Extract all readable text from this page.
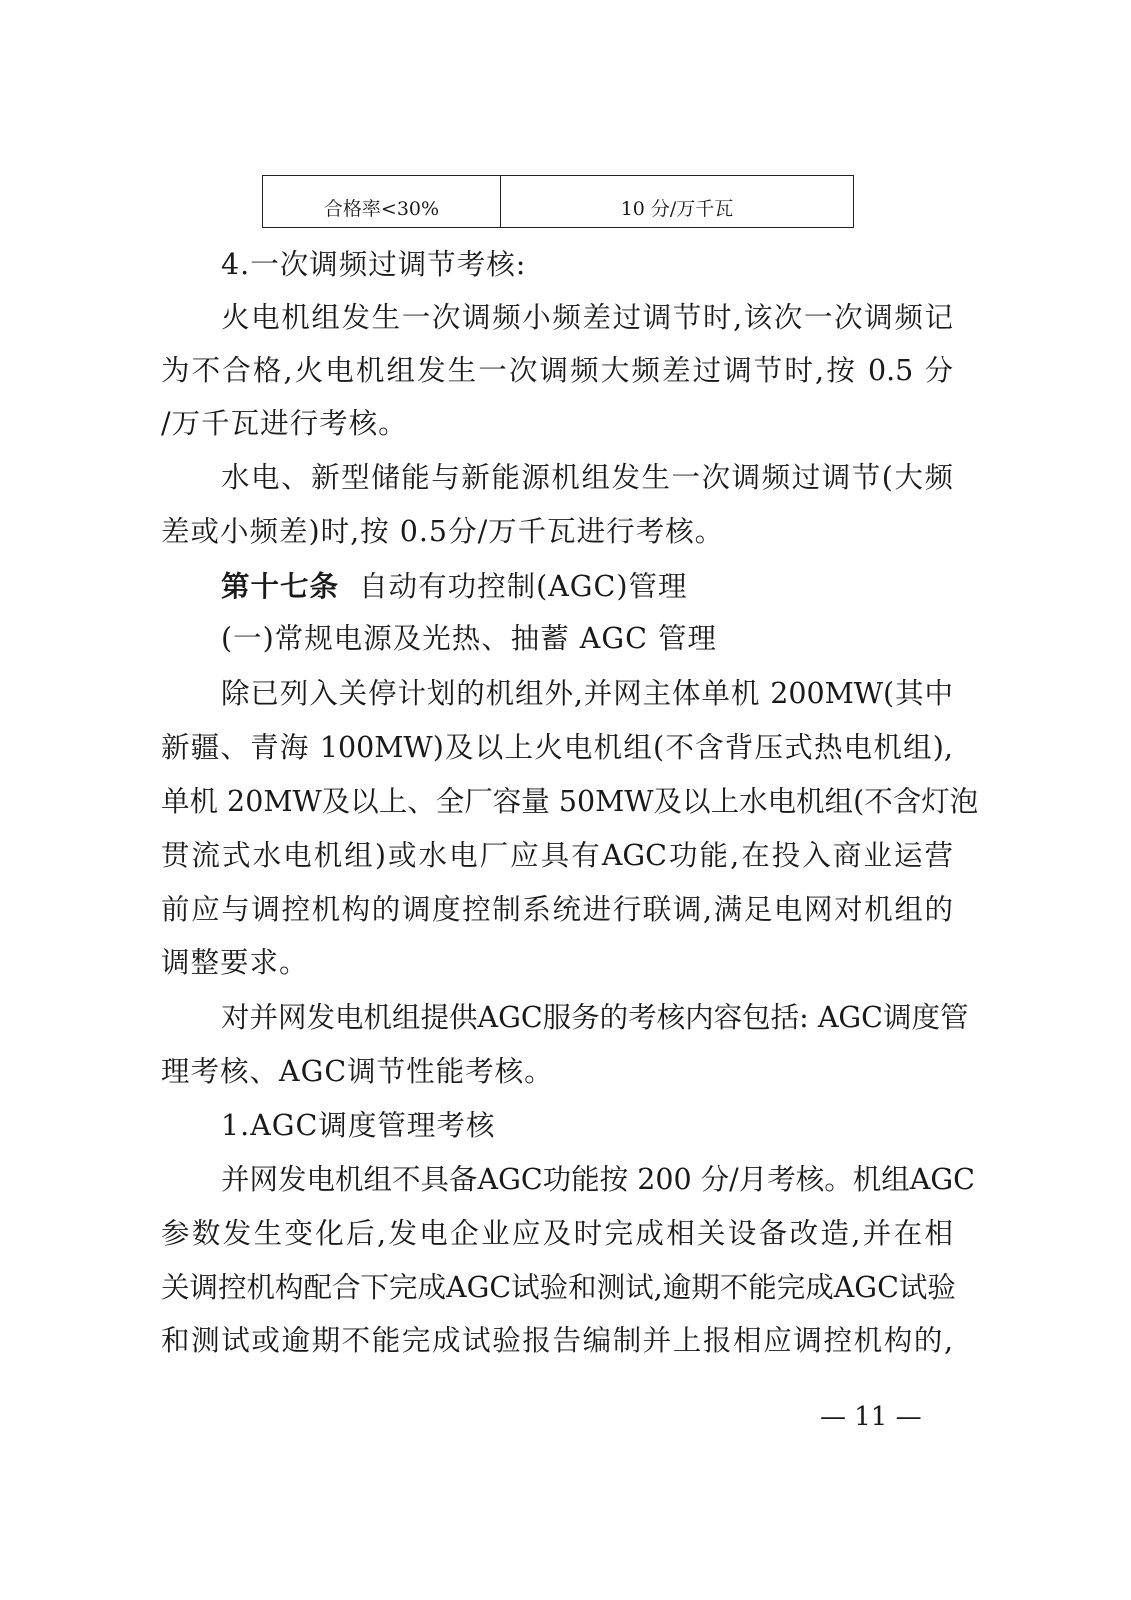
合格率<30%	10 分/万千瓦
4.一次调频过调节考核:
火电机组发生一次调频小频差过调节时,该次一次调频记
为不合格,火电机组发生一次调频大频差过调节时,按 0.5 分
/万千瓦进行考核。
水电、新型储能与新能源机组发生一次调频过调节(大频
差或小频差)时,按 0.5分/万千瓦进行考核。
第十七条 自动有功控制(AGC)管理
(一)常规电源及光热、抽蓄 AGC 管理
除已列入关停计划的机组外,并网主体单机 200MW(其中
新疆、青海 100MW)及以上火电机组(不含背压式热电机组),
单机 20MW及以上、全厂容量 50MW及以上水电机组(不含灯泡
贯流式水电机组)或水电厂应具有AGC功能,在投入商业运营
前应与调控机构的调度控制系统进行联调,满足电网对机组的
调整要求。
对并网发电机组提供AGC服务的考核内容包括: AGC调度管
理考核、AGC调节性能考核。
1.AGC调度管理考核
并网发电机组不具备AGC功能按 200 分/月考核。机组AGC
参数发生变化后,发电企业应及时完成相关设备改造,并在相
关调控机构配合下完成AGC试验和测试,逾期不能完成AGC试验
和测试或逾期不能完成试验报告编制并上报相应调控机构的,
— 11 —
